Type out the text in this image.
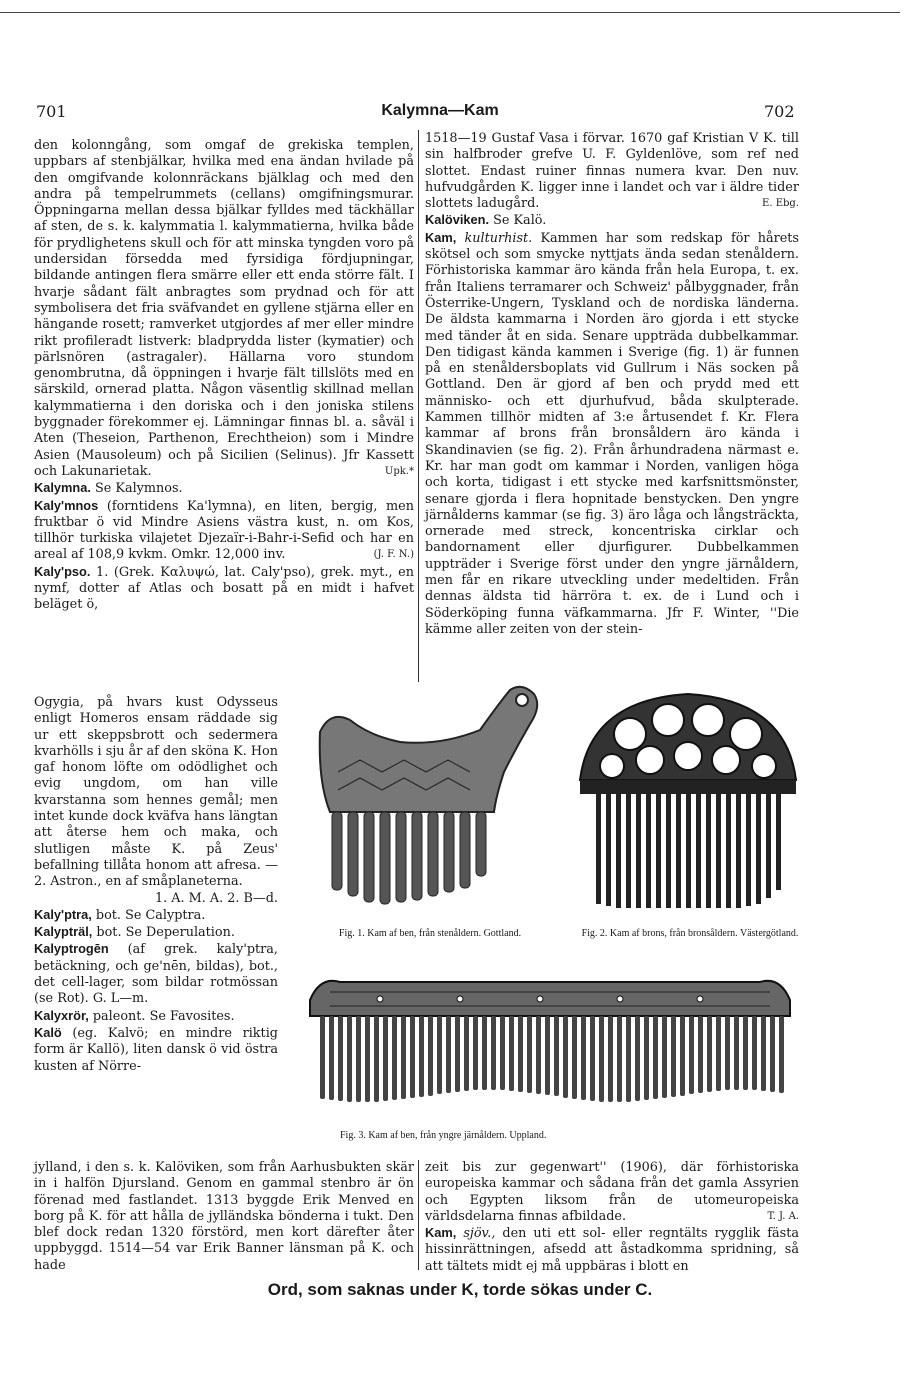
701	Kalymna—Kam	702

den kolonngång, som omgaf de grekiska templen, uppbars af stenbjälkar, hvilka med ena ändan hvilade på den omgifvande kolonnräckans bjälklag och med den andra på tempelrummets (cellans) omgifningsmurar. Öppningarna mellan dessa bjälkar fylldes med täckhällar af sten, de s. k. kalymmatia l. kalymmatierna, hvilka både för prydlighetens skull och för att minska tyngden voro på undersidan försedda med fyrsidiga fördjupningar, bildande antingen flera smärre eller ett enda större fält. I hvarje sådant fält anbragtes som prydnad och för att symbolisera det fria sväfvandet en gyllene stjärna eller en hängande rosett; ramverket utgjordes af mer eller mindre rikt profileradt listverk: bladprydda lister (kymatier) och pärlsnören (astragaler). Hällarna voro stundom genombrutna, då öppningen i hvarje fält tillslöts med en särskild, ornerad platta. Någon väsentlig skillnad mellan kalymmatierna i den doriska och i den joniska stilens byggnader förekommer ej. Lämningar finnas bl. a. såväl i Aten (Theseion, Parthenon, Erechtheion) som i Mindre Asien (Mausoleum) och på Sicilien (Selinus). Jfr Kassett och Lakunarietak.	Upk.*

Kalymna. Se Kalymnos.

Kaly'mnos (forntidens Ka'lymna), en liten, bergig, men fruktbar ö vid Mindre Asiens västra kust, n. om Kos, tillhör turkiska vilajetet Djezaïr-i-Bahr-i-Sefid och har en areal af 108,9 kvkm. Omkr. 12,000 inv.	(J. F. N.)

Kaly'pso. 1. (Grek. Καλυψώ, lat. Caly'pso), grek. myt., en nymf, dotter af Atlas och bosatt på en midt i hafvet beläget ö,

Ogygia, på hvars kust Odysseus enligt Homeros ensam räddade sig ur ett skeppsbrott och sedermera kvarhölls i sju år af den sköna K. Hon gaf honom löfte om odödlighet och evig ungdom, om han ville kvarstanna som hennes gemål; men intet kunde dock kväfva hans längtan att återse hem och maka, och slutligen måste K. på Zeus' befallning tillåta honom att afresa. — 2. Astron., en af småplaneterna.

1. A. M. A. 2. B—d.

Kaly'ptra, bot. Se Calyptra.

Kalypträl, bot. Se Deperulation.

Kalyptrogēn (af grek. kaly'ptra, betäckning, och ge'nēn, bildas), bot., det cell-lager, som bildar rotmössan (se Rot). G. L—m.

Kalyxrör, paleont. Se Favosites.

Kalö (eg. Kalvö; en mindre riktig form är Kallö), liten dansk ö vid östra kusten af Nörre-

jylland, i den s. k. Kalöviken, som från Aarhusbukten skär in i halfön Djursland. Genom en gammal stenbro är ön förenad med fastlandet. 1313 byggde Erik Menved en borg på K. för att hålla de jylländska bönderna i tukt. Den blef dock redan 1320 förstörd, men kort därefter åter uppbyggd. 1514—54 var Erik Banner länsman på K. och hade

1518—19 Gustaf Vasa i förvar. 1670 gaf Kristian V K. till sin halfbroder grefve U. F. Gyldenlöve, som ref ned slottet. Endast ruiner finnas numera kvar. Den nuv. hufvudgården K. ligger inne i landet och var i äldre tider slottets ladugård.	E. Ebg.

Kalöviken. Se Kalö.

Kam, kulturhist. Kammen har som redskap för hårets skötsel och som smycke nyttjats ända sedan stenåldern. Förhistoriska kammar äro kända från hela Europa, t. ex. från Italiens terramarer och Schweiz' pålbyggnader, från Österrike-Ungern, Tyskland och de nordiska länderna. De äldsta kammarna i Norden äro gjorda i ett stycke med tänder åt en sida. Senare uppträda dubbelkammar. Den tidigast kända kammen i Sverige (fig. 1) är funnen på en stenåldersboplats vid Gullrum i Näs socken på Gottland. Den är gjord af ben och prydd med ett människo- och ett djurhufvud, båda skulpterade. Kammen tillhör midten af 3:e årtusendet f. Kr. Flera kammar af brons från bronsåldern äro kända i Skandinavien (se fig. 2). Från århundradena närmast e. Kr. har man godt om kammar i Norden, vanligen höga och korta, tidigast i ett stycke med karfsnittsmönster, senare gjorda i flera hopnitade benstycken. Den yngre järnålderns kammar (se fig. 3) äro låga och långsträckta, ornerade med streck, koncentriska cirklar och bandornament eller djurfigurer. Dubbelkammen uppträder i Sverige först under den yngre järnåldern, men får en rikare utveckling under medeltiden. Från dennas äldsta tid härröra t. ex. de i Lund och i Söderköping funna väfkammarna. Jfr F. Winter, ''Die kämme aller zeiten von der stein-

zeit bis zur gegenwart'' (1906), där förhistoriska europeiska kammar och sådana från det gamla Assyrien och Egypten liksom från de utomeuropeiska världsdelarna finnas afbildade.	T. J. A.

Kam, sjöv., den uti ett sol- eller regntälts rygglik fästa hissinrättningen, afsedd att åstadkomma spridning, så att tältets midt ej må uppbäras i blott en

Fig. 1. Kam af ben, från stenåldern. Gottland.	Fig. 2. Kam af brons, från bronsåldern. Västergötland.
Fig. 3. Kam af ben, från yngre järnåldern. Uppland.
Ord, som saknas under K, torde sökas under C.
